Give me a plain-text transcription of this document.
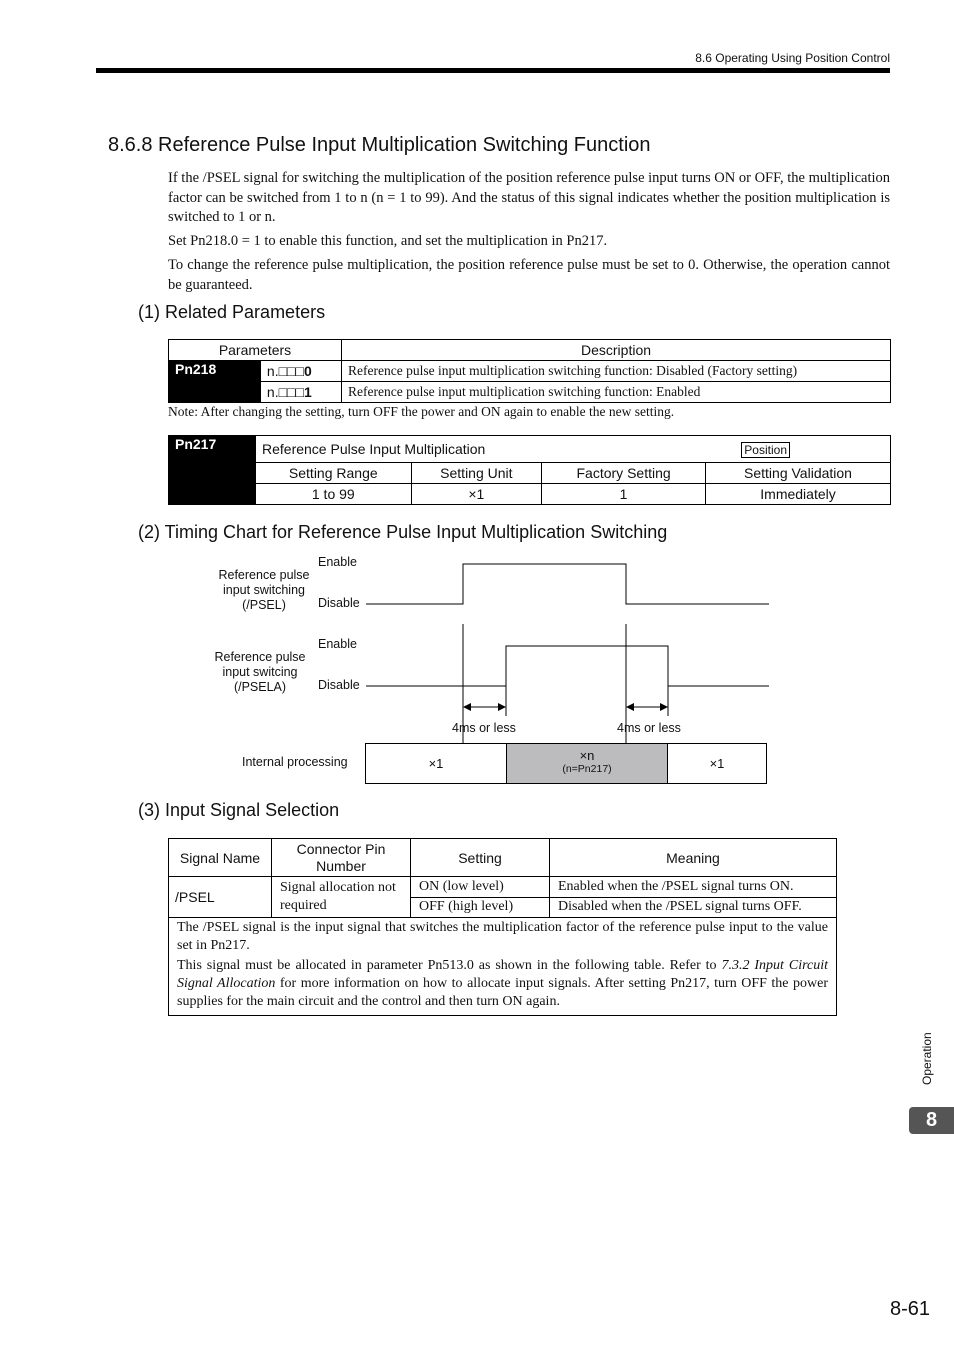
8.6 Operating Using Position Control
8.6.8 Reference Pulse Input Multiplication Switching Function
If the /PSEL signal for switching the multiplication of the position reference pulse input turns ON or OFF, the multiplication factor can be switched from 1 to n (n = 1 to 99). And the status of this signal indicates whether the position multiplication is switched to 1 or n.
Set Pn218.0 = 1 to enable this function, and set the multiplication in Pn217.
To change the reference pulse multiplication, the position reference pulse must be set to 0. Otherwise, the operation cannot be guaranteed.
(1) Related Parameters
Parameters		Description
Pn218	n.□□□0	Reference pulse input multiplication switching function: Disabled (Factory setting)
	n.□□□1	Reference pulse input multiplication switching function: Enabled
Note: After changing the setting, turn OFF the power and ON again to enable the new setting.
Pn217	Reference Pulse Input Multiplication Position			

	Setting Range	Setting Unit	Factory Setting	Setting Validation
	1 to 99	×1	1	Immediately
(2) Timing Chart for Reference Pulse Input Multiplication Switching
Reference pulse
input switching
(/PSEL)
Enable
Disable
Reference pulse
input switcing
(/PSELA)
Enable
Disable
4ms or less	4ms or less
Internal processing	×1
×n
(n=Pn217)	×1
(3) Input Signal Selection
Signal Name	Connector Pin Number	Setting	Meaning
/PSEL	Signal allocation not required	ON (low level)	Enabled when the /PSEL signal turns ON.
		OFF (high level)	Disabled when the /PSEL signal turns OFF.

The /PSEL signal is the input signal that switches the multiplication factor of the reference pulse input to the value set in Pn217.
This signal must be allocated in parameter Pn513.0 as shown in the following table. Refer to 7.3.2 Input Circuit Signal Allocation for more information on how to allocate input signals. After setting Pn217, turn OFF the power supplies for the main circuit and the control and then turn ON again.			
Operation
8
8-61
